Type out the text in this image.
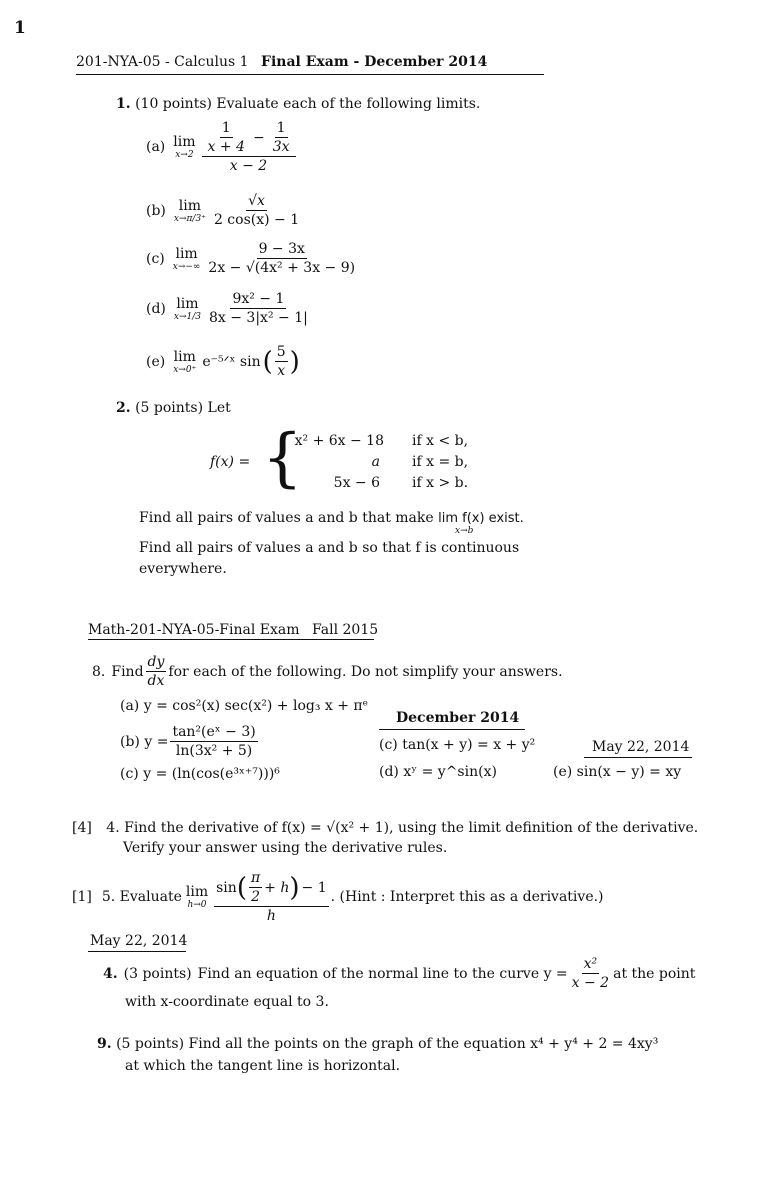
1
201-NYA-05 - Calculus 1 Final Exam - December 2014
1. (10 points) Evaluate each of the following limits.
(a) lim
$x\to 2 \frac{\frac{1}{x + 4} - \frac{1}{3x}}{x - 2}$
(b) lim
$x\to\pi/3^+ \frac{√x}{2 \cos(x) - 1}$
(c) lim
$x\to-\infty \frac{9 - 3x}{\text{2x − √(4x² + 3x − 9)}}$
(d) lim
$x\to 1/3 \frac{\text{9x² − 1}}{\text{8x − 3|x² − 1|}}$
(e) lim
x→0⁺ e⁻⁵ᐟˣ sin ( $\frac{5}{x}$ )
2. (5 points) Let
f(x) = {
x² + 6x − 18 if x < b,
a if x = b,
5x − 6 if x > b.
Find all pairs of values a and b that make lim f(x) exist.
x→b
Find all pairs of values a and b so that f is continuous
everywhere.
Math-201-NYA-05-Final Exam Fall 2015
8. Find $\frac{dy}{dx}$ for each of the following. Do not simplify your answers.
(a) y = cos²(x) sec(x²) + log₃ x + πᵉ
(b) $y = \frac{\text{tan²(eˣ − 3)}}{\text{ln(3x² + 5)}}$
(c) y = (ln(cos(e³ˣ⁺⁷)))⁶
December 2014
(c) tan(x + y) = x + y²
(d) xʸ = y^sin(x)
May 22, 2014
(e) sin(x − y) = xy
[4] 4. Find the derivative of f(x) = √(x² + 1), using the limit definition of the derivative.
Verify your answer using the derivative rules.
[1] 5. Evaluate lim
$h\to 0 \frac{\sin ( \frac{\pi}{2} + h ) - 1}{h}$ . (Hint : Interpret this as a derivative.)
May 22, 2014
4. (3 points) Find an equation of the normal line to the curve $y = \frac{\text{x²}}{x - 2}$ at the point
with x-coordinate equal to 3.
9. (5 points) Find all the points on the graph of the equation x⁴ + y⁴ + 2 = 4xy³
at which the tangent line is horizontal.
